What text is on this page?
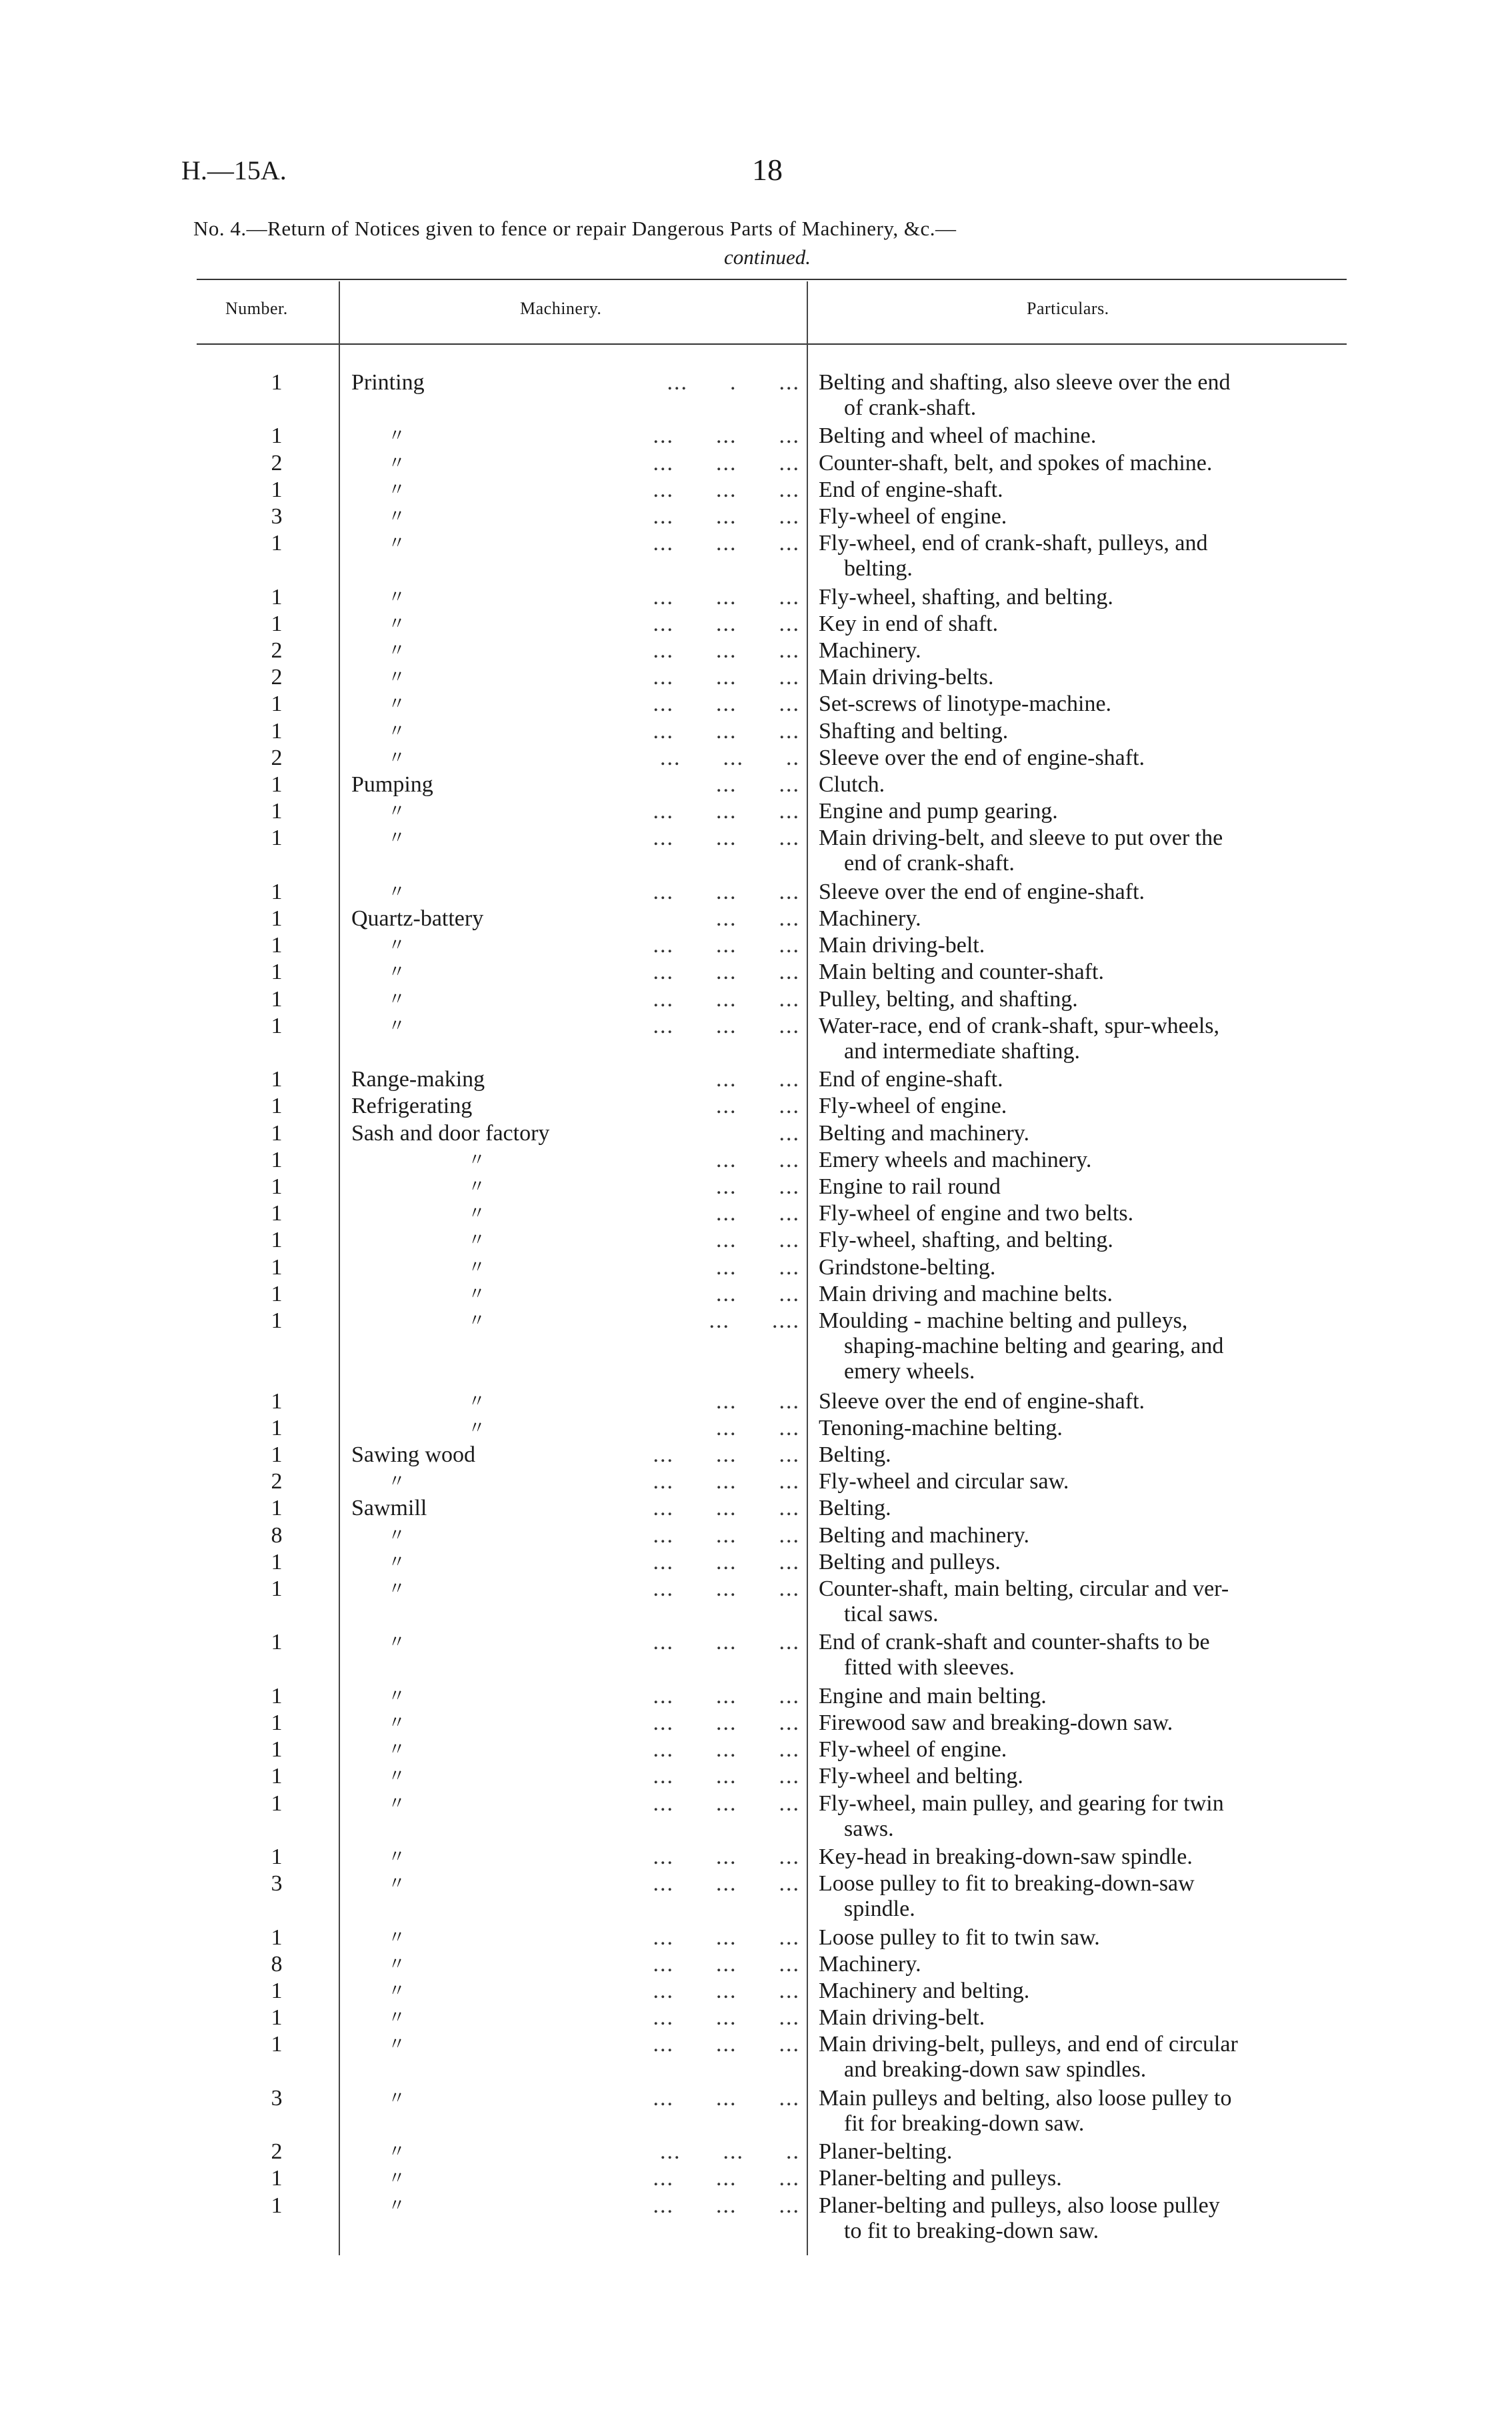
H.—15A.	18
No. 4.—Return of Notices given to fence or repair Dangerous Parts of Machinery, &c.—
continued.
Number.	Machinery.	Particulars.
1	Printing	...      .      ... Belting and shafting, also sleeve over the end
of crank-shaft.
1	〃	...      ...      ... Belting and wheel of machine.
2	〃	...      ...      ... Counter-shaft, belt, and spokes of machine.
1	〃	...      ...      ... End of engine-shaft.
3	〃	...      ...      ... Fly-wheel of engine.
1	〃	...      ...      ... Fly-wheel, end of crank-shaft, pulleys, and
belting.
1	〃	...      ...      ... Fly-wheel, shafting, and belting.
1	〃	...      ...      ... Key in end of shaft.
2	〃	...      ...      ... Machinery.
2	〃	...      ...      ... Main driving-belts.
1	〃	...      ...      ... Set-screws of linotype-machine.
1	〃	...      ...      ... Shafting and belting.
2	〃	...      ...      .. Sleeve over the end of engine-shaft.
1	Pumping	...      ... Clutch.
1	〃	...      ...      ... Engine and pump gearing.
1	〃	...      ...      ... Main driving-belt, and sleeve to put over the
end of crank-shaft.
1	〃	...      ...      ... Sleeve over the end of engine-shaft.
1	Quartz-battery	...      ... Machinery.
1	〃	...      ...      ... Main driving-belt.
1	〃	...      ...      ... Main belting and counter-shaft.
1	〃	...      ...      ... Pulley, belting, and shafting.
1	〃	...      ...      ... Water-race, end of crank-shaft, spur-wheels,
and intermediate shafting.
1	Range-making	...      ... End of engine-shaft.
1	Refrigerating	...      ... Fly-wheel of engine.
1	Sash and door factory	... Belting and machinery.
1	〃	...      ... Emery wheels and machinery.
1	〃	...      ... Engine to rail round
1	〃	...      ... Fly-wheel of engine and two belts.
1	〃	...      ... Fly-wheel, shafting, and belting.
1	〃	...      ... Grindstone-belting.
1	〃	...      ... Main driving and machine belts.
1	〃	...      .... Moulding - machine belting and pulleys,
shaping-machine belting and gearing, and
emery wheels.
1	〃	...      ... Sleeve over the end of engine-shaft.
1	〃	...      ... Tenoning-machine belting.
1	Sawing wood	...      ...      ... Belting.
2	〃	...      ...      ... Fly-wheel and circular saw.
1	Sawmill	...      ...      ... Belting.
8	〃	...      ...      ... Belting and machinery.
1	〃	...      ...      ... Belting and pulleys.
1	〃	...      ...      ... Counter-shaft, main belting, circular and ver-
tical saws.
1	〃	...      ...      ... End of crank-shaft and counter-shafts to be
fitted with sleeves.
1	〃	...      ...      ... Engine and main belting.
1	〃	...      ...      ... Firewood saw and breaking-down saw.
1	〃	...      ...      ... Fly-wheel of engine.
1	〃	...      ...      ... Fly-wheel and belting.
1	〃	...      ...      ... Fly-wheel, main pulley, and gearing for twin
saws.
1	〃	...      ...      ... Key-head in breaking-down-saw spindle.
3	〃	...      ...      ... Loose pulley to fit to breaking-down-saw
spindle.
1	〃	...      ...      ... Loose pulley to fit to twin saw.
8	〃	...      ...      ... Machinery.
1	〃	...      ...      ... Machinery and belting.
1	〃	...      ...      ... Main driving-belt.
1	〃	...      ...      ... Main driving-belt, pulleys, and end of circular
and breaking-down saw spindles.
3	〃	...      ...      ... Main pulleys and belting, also loose pulley to
fit for breaking-down saw.
2	〃	...      ...      .. Planer-belting.
1	〃	...      ...      ... Planer-belting and pulleys.
1	〃	...      ...      ... Planer-belting and pulleys, also loose pulley
to fit to breaking-down saw.
